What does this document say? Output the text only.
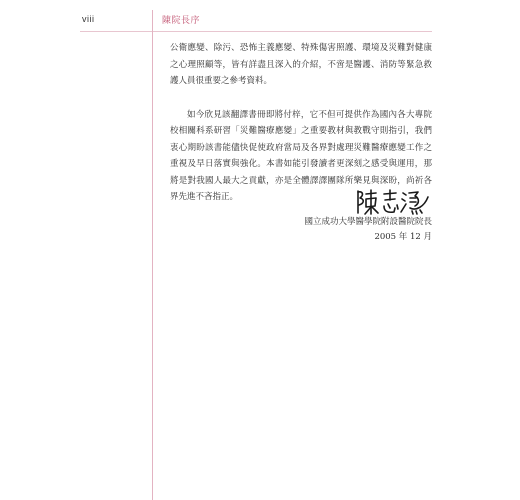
viii	陳院長序

公衛應變、除污、恐怖主義應變、特殊傷害照護、環境及災難對健康之心理照顧等，皆有詳盡且深入的介紹，不啻是醫護、消防等緊急救護人員很重要之參考資料。

如今欣見該翻譯書冊即將付梓，它不但可提供作為國內各大專院校相關科系研習「災難醫療應變」之重要教材與教戰守則指引，我們衷心期盼該書能儘快促使政府當局及各界對處理災難醫療應變工作之重視及早日落實與強化。本書如能引發讀者更深刻之感受與運用，那將是對我國人最大之貢獻，亦是全體譯譯團隊所樂見與深盼，尚祈各界先進不吝指正。

國立成功大學醫學院附設醫院院長
2005 年 12 月
